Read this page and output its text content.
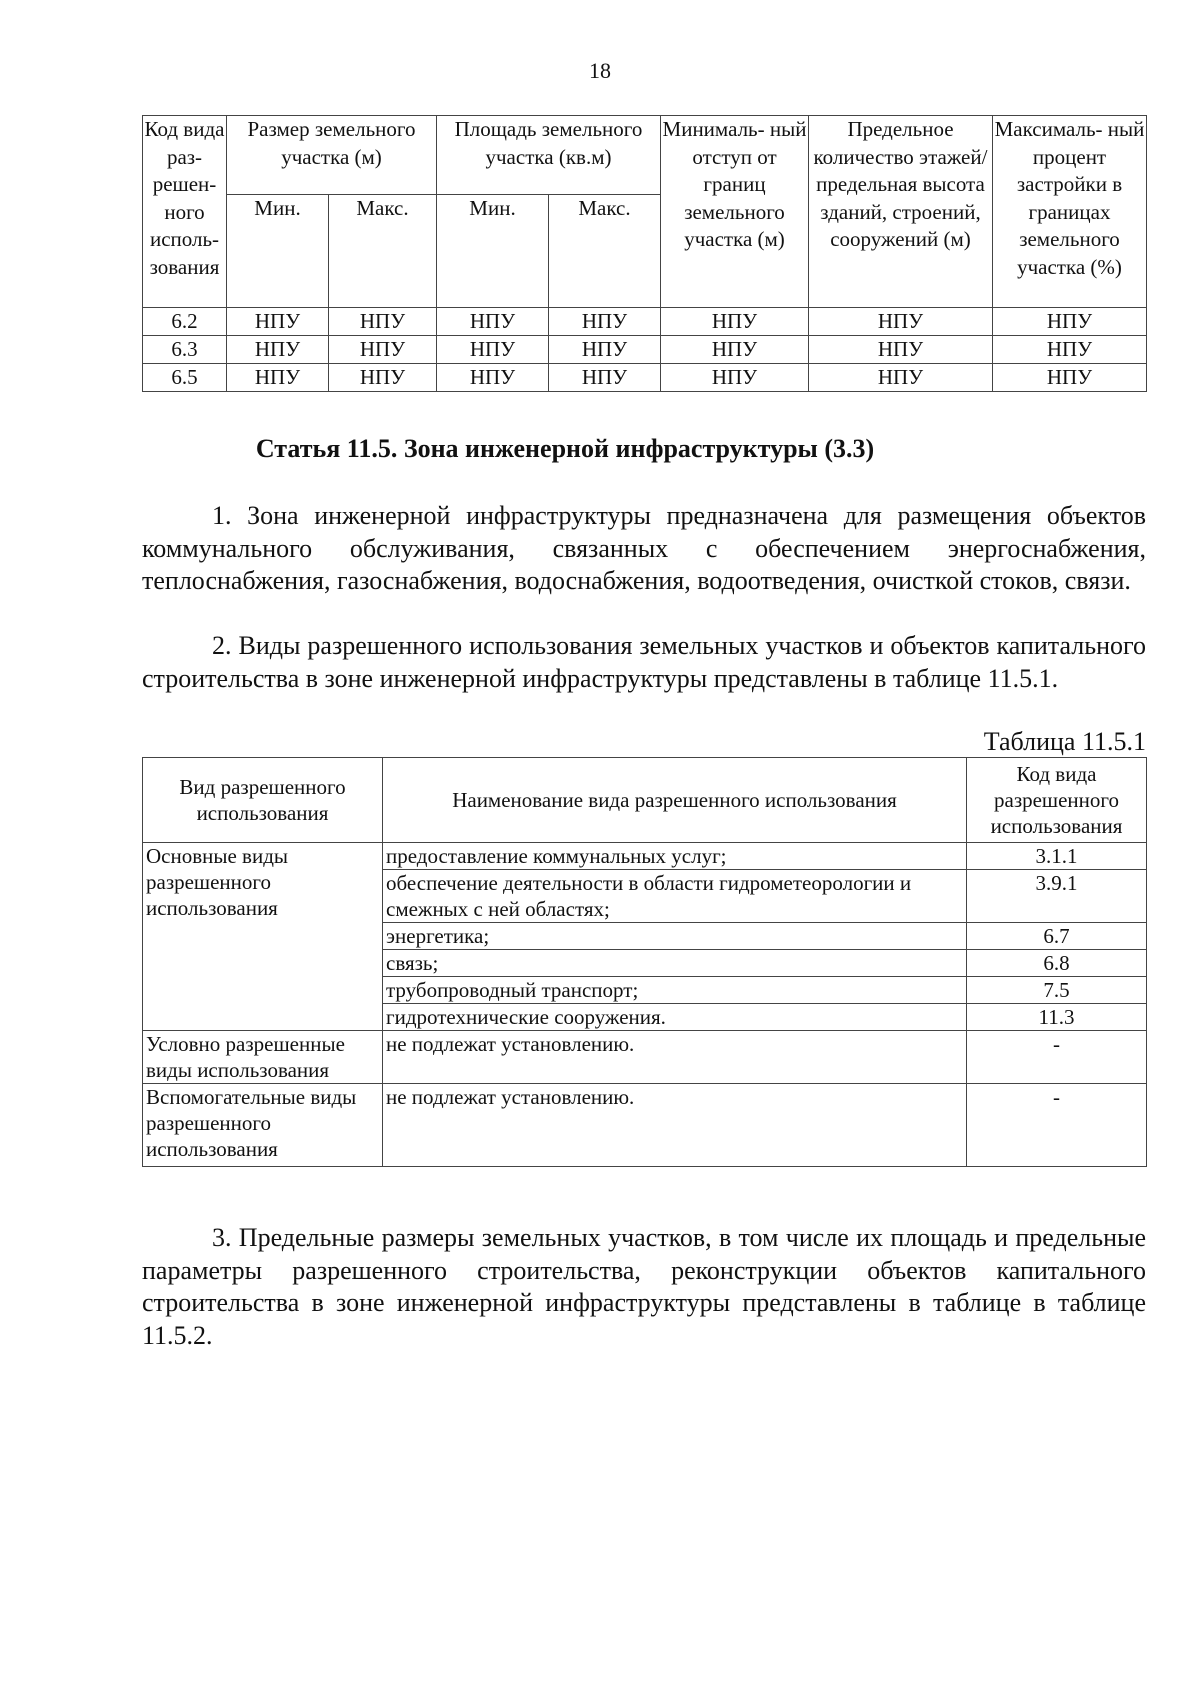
18
Код вида раз- решен- ного исполь- зования	Размер земельного участка (м)		Площадь земельного участка (кв.м)		Минималь- ный отступ от границ земельного участка (м)	Предельное количество этажей/ предельная высота зданий, строений, сооружений (м)	Максималь- ный процент застройки в границах земельного участка (%)
	Мин.	Макс.	Мин.	Макс.			
6.2	НПУ	НПУ	НПУ	НПУ	НПУ	НПУ	НПУ
6.3	НПУ	НПУ	НПУ	НПУ	НПУ	НПУ	НПУ
6.5	НПУ	НПУ	НПУ	НПУ	НПУ	НПУ	НПУ
Статья 11.5. Зона инженерной инфраструктуры (3.3)

1. Зона инженерной инфраструктуры предназначена для размещения объектов коммунального обслуживания, связанных с обеспечением энергоснабжения, теплоснабжения, газоснабжения, водоснабжения, водоотведения, очисткой стоков, связи.

2. Виды разрешенного использования земельных участков и объектов капитального строительства в зоне инженерной инфраструктуры представлены в таблице 11.5.1.

Таблица 11.5.1
Вид разрешенного использования	Наименование вида разрешенного использования	Код вида разрешенного использования
Основные виды разрешенного использования	предоставление коммунальных услуг;	3.1.1
	обеспечение деятельности в области гидрометеорологии и смежных с ней областях;	3.9.1
	энергетика;	6.7
	связь;	6.8
	трубопроводный транспорт;	7.5
	гидротехнические сооружения.	11.3
Условно разрешенные виды использования	не подлежат установлению.	-
Вспомогательные виды разрешенного использования	не подлежат установлению.	-

3. Предельные размеры земельных участков, в том числе их площадь и предельные параметры разрешенного строительства, реконструкции объектов капитального строительства в зоне инженерной инфраструктуры представлены в таблице в таблице 11.5.2.
